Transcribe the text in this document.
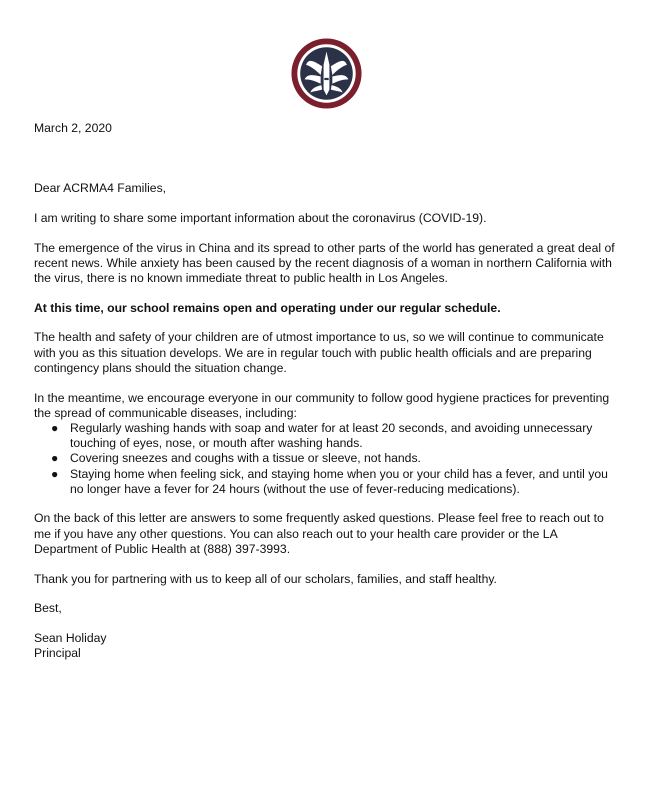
March 2, 2020

Dear ACRMA4 Families,

I am writing to share some important information about the coronavirus (COVID-19).

The emergence of the virus in China and its spread to other parts of the world has generated a great deal of recent news. While anxiety has been caused by the recent diagnosis of a woman in northern California with the virus, there is no known immediate threat to public health in Los Angeles.

At this time, our school remains open and operating under our regular schedule.

The health and safety of your children are of utmost importance to us, so we will continue to communicate with you as this situation develops. We are in regular touch with public health officials and are preparing contingency plans should the situation change.

In the meantime, we encourage everyone in our community to follow good hygiene practices for preventing the spread of communicable diseases, including:

● Regularly washing hands with soap and water for at least 20 seconds, and avoiding unnecessary touching of eyes, nose, or mouth after washing hands.
● Covering sneezes and coughs with a tissue or sleeve, not hands.
● Staying home when feeling sick, and staying home when you or your child has a fever, and until you no longer have a fever for 24 hours (without the use of fever-reducing medications).

On the back of this letter are answers to some frequently asked questions. Please feel free to reach out to me if you have any other questions. You can also reach out to your health care provider or the LA Department of Public Health at (888) 397-3993.

Thank you for partnering with us to keep all of our scholars, families, and staff healthy.

Best,

Sean Holiday

Principal
